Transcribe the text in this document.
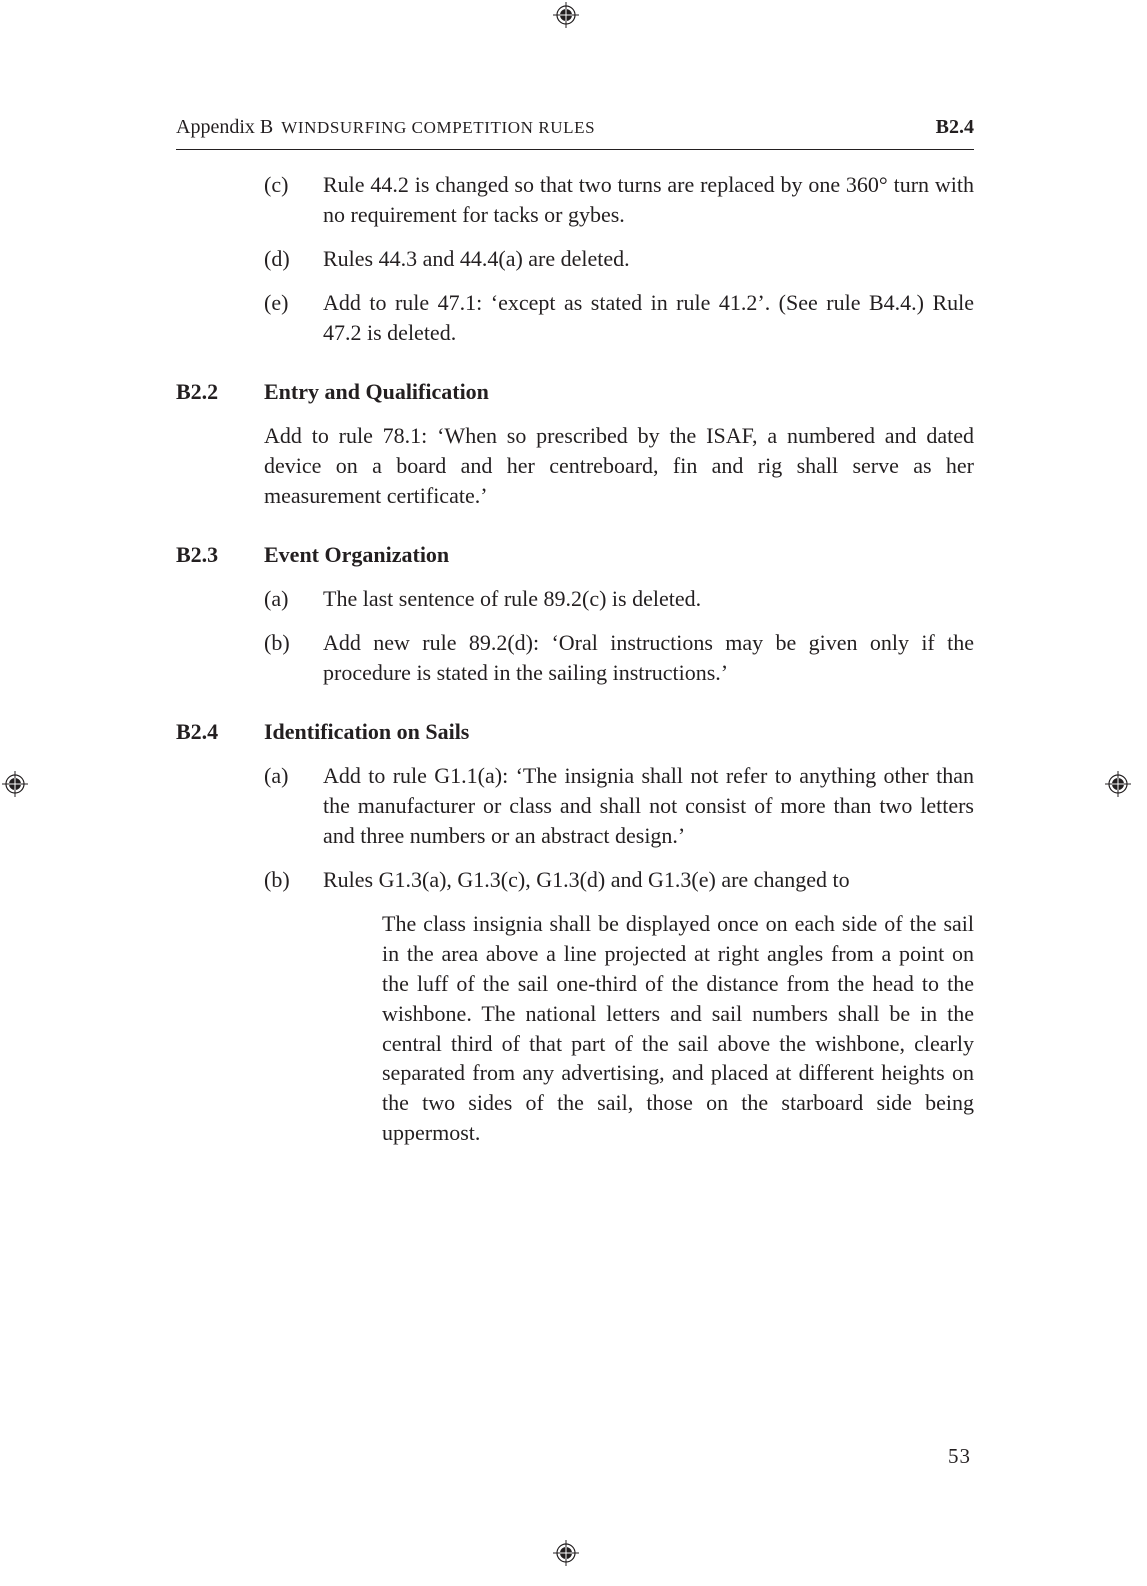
Appendix B WINDSURFING COMPETITION RULES	B2.4
(c) Rule 44.2 is changed so that two turns are replaced by one 360° turn with no requirement for tacks or gybes.
(d) Rules 44.3 and 44.4(a) are deleted.
(e) Add to rule 47.1: ‘except as stated in rule 41.2’. (See rule B4.4.) Rule 47.2 is deleted.
B2.2 Entry and Qualification
Add to rule 78.1: ‘When so prescribed by the ISAF, a numbered and dated device on a board and her centreboard, fin and rig shall serve as her measurement certificate.’
B2.3 Event Organization
(a) The last sentence of rule 89.2(c) is deleted.
(b) Add new rule 89.2(d): ‘Oral instructions may be given only if the procedure is stated in the sailing instructions.’
B2.4 Identification on Sails
(a) Add to rule G1.1(a): ‘The insignia shall not refer to anything other than the manufacturer or class and shall not consist of more than two letters and three numbers or an abstract design.’
(b) Rules G1.3(a), G1.3(c), G1.3(d) and G1.3(e) are changed to
The class insignia shall be displayed once on each side of the sail in the area above a line projected at right angles from a point on the luff of the sail one-third of the distance from the head to the wishbone. The national letters and sail numbers shall be in the central third of that part of the sail above the wishbone, clearly separated from any advertising, and placed at different heights on the two sides of the sail, those on the starboard side being uppermost.
53
